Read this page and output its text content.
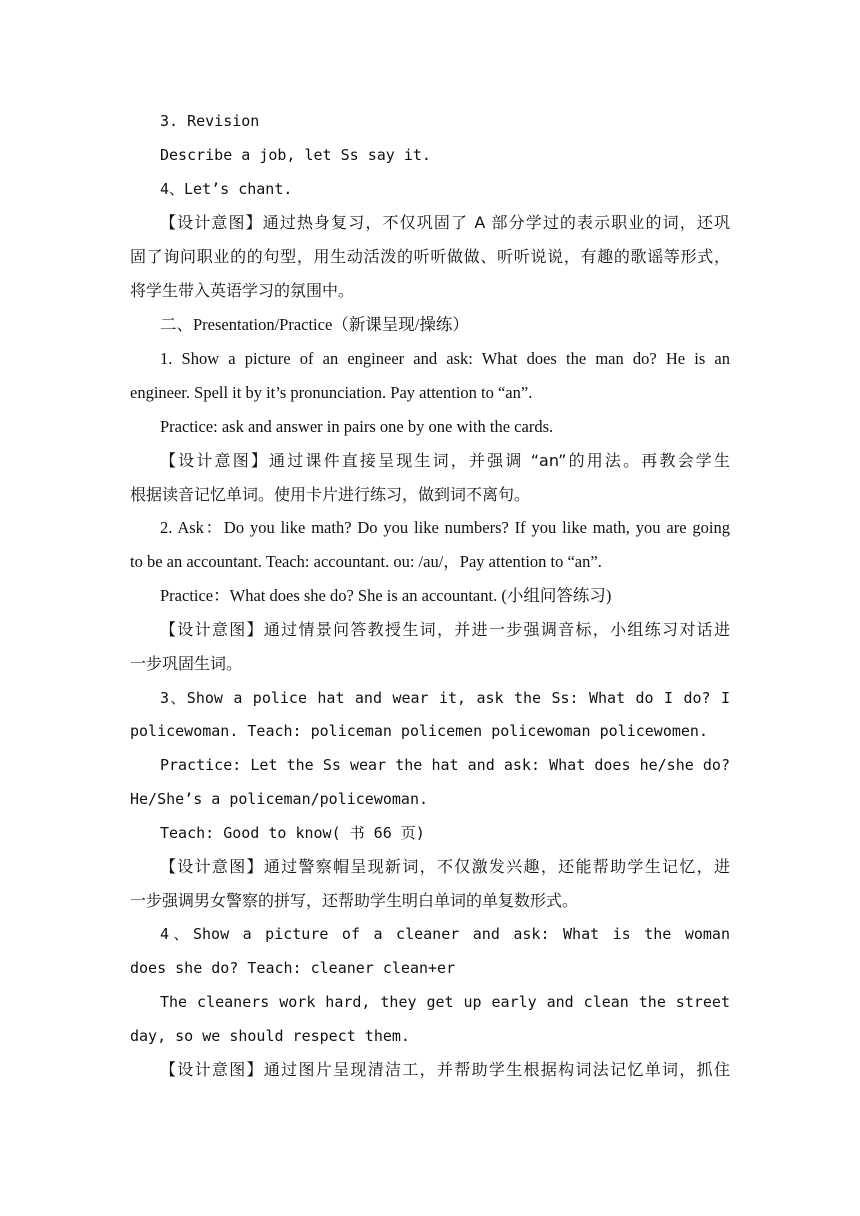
3. Revision
Describe a job, let Ss say it.
4、Let’s chant.
【设计意图】通过热身复习，不仅巩固了 A 部分学过的表示职业的词，还巩
固了询问职业的的句型，用生动活泼的听听做做、听听说说，有趣的歌谣等形式，
将学生带入英语学习的氛围中。
二、Presentation/Practice（新课呈现/操练）
1. Show a picture of an engineer and ask: What does the man do? He is an
engineer. Spell it by it’s pronunciation. Pay attention to “an”.
Practice: ask and answer in pairs one by one with the cards.
【设计意图】通过课件直接呈现生词，并强调 “an”的用法。再教会学生
根据读音记忆单词。使用卡片进行练习，做到词不离句。
2. Ask：Do you like math? Do you like numbers? If you like math, you are going
to be an accountant. Teach: accountant. ou: /au/，Pay attention to “an”.
Practice：What does she do? She is an accountant. (小组问答练习)
【设计意图】通过情景问答教授生词，并进一步强调音标，小组练习对话进
一步巩固生词。
3、Show a police hat and wear it, ask the Ss: What do I do? I
policewoman. Teach: policeman policemen policewoman policewomen.
Practice: Let the Ss wear the hat and ask: What does he/she do?
He/She’s a policeman/policewoman.
Teach: Good to know( 书 66 页)
【设计意图】通过警察帽呈现新词，不仅激发兴趣，还能帮助学生记忆，进
一步强调男女警察的拼写，还帮助学生明白单词的单复数形式。
4、Show a picture of a cleaner and ask: What is the woman
does she do? Teach: cleaner clean+er
The cleaners work hard, they get up early and clean the street
day, so we should respect them.
【设计意图】通过图片呈现清洁工，并帮助学生根据构词法记忆单词，抓住
